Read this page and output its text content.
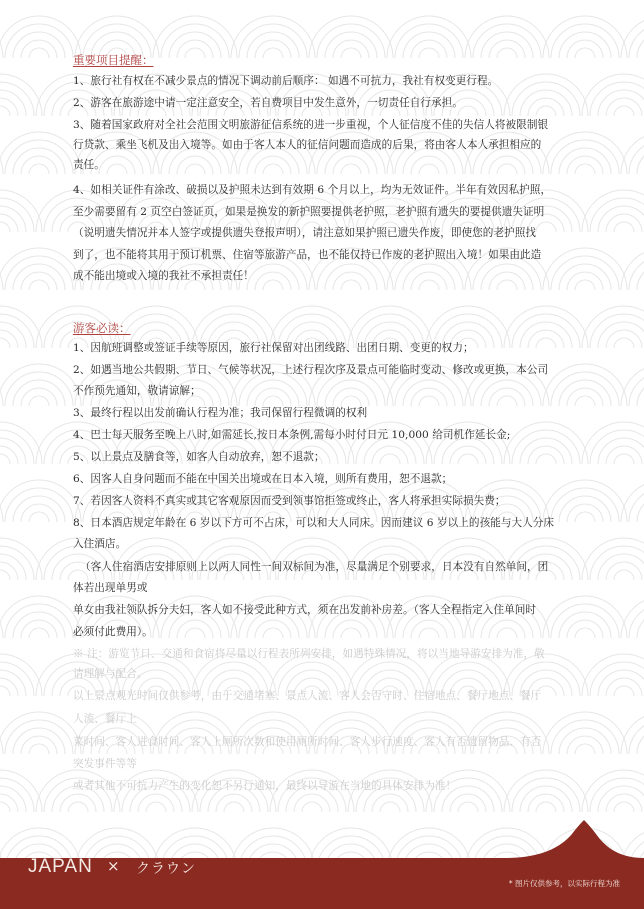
重要项目提醒：
1、旅行社有权在不减少景点的情况下调动前后顺序： 如遇不可抗力，我社有权变更行程。
2、游客在旅游途中请一定注意安全，若自费项目中发生意外，一切责任自行承担。
3、随着国家政府对全社会范围文明旅游征信系统的进一步重视，个人征信度不佳的失信人将被限制银
行贷款、乘坐飞机及出入境等。如由于客人本人的征信问题而造成的后果，将由客人本人承担相应的
责任。
4、如相关证件有涂改、破损以及护照未达到有效期 6 个月以上，均为无效证件。半年有效因私护照，
至少需要留有 2 页空白签证页，如果是换发的新护照要提供老护照，老护照有遗失的要提供遗失证明
（说明遗失情况并本人签字或提供遗失登报声明），请注意如果护照已遗失作废，即使您的老护照找
到了，也不能将其用于预订机票、住宿等旅游产品，也不能仅持已作废的老护照出入境！如果由此造
成不能出境或入境的我社不承担责任！
游客必读：
1、因航班调整或签证手续等原因，旅行社保留对出团线路、出团日期、变更的权力；
2、如遇当地公共假期、节日、气候等状况，上述行程次序及景点可能临时变动、修改或更换，本公司
不作预先通知，敬请谅解；
3、最终行程以出发前确认行程为准；我司保留行程微调的权利
4、巴士每天服务至晚上八时,如需延长,按日本条例,需每小时付日元 10,000 给司机作延长金;
5、以上景点及膳食等，如客人自动放弃，恕不退款；
6、因客人自身问题而不能在中国关出境或在日本入境，则所有费用，恕不退款；
7、若因客人资料不真实或其它客观原因而受到领事馆拒签或终止，客人将承担实际损失费；
8、日本酒店规定年龄在 6 岁以下方可不占床，可以和大人同床。因而建议 6 岁以上的孩能与大人分床
入住酒店。
（客人住宿酒店安排原则上以两人同性一间双标间为准，尽量满足个别要求，日本没有自然单间，团
体若出现单男或
单女由我社领队拆分夫妇，客人如不接受此种方式，须在出发前补房差。（客人全程指定入住单间时
必须付此费用）。
※ 注：游览节日、交通和食宿将尽量以行程表所列安排，如遇特殊情况，将以当地导游安排为准，敬
请理解与配合。
以上景点观光时间仅供参考，由于交通堵塞、景点人流、客人会否守时、住宿地点、餐厅地点、餐厅
人流、餐厅上
菜时间、客人进食时间、客人上厕所次数和使用厕所时间、客人步行速度、客人有否遗留物品、有否
突发事件等等
或者其他不可抗力产生的变化恕不另行通知，最终以导游在当地的具体安排为准！
JAPAN × クラウン
* 图片仅供参考，以实际行程为准
